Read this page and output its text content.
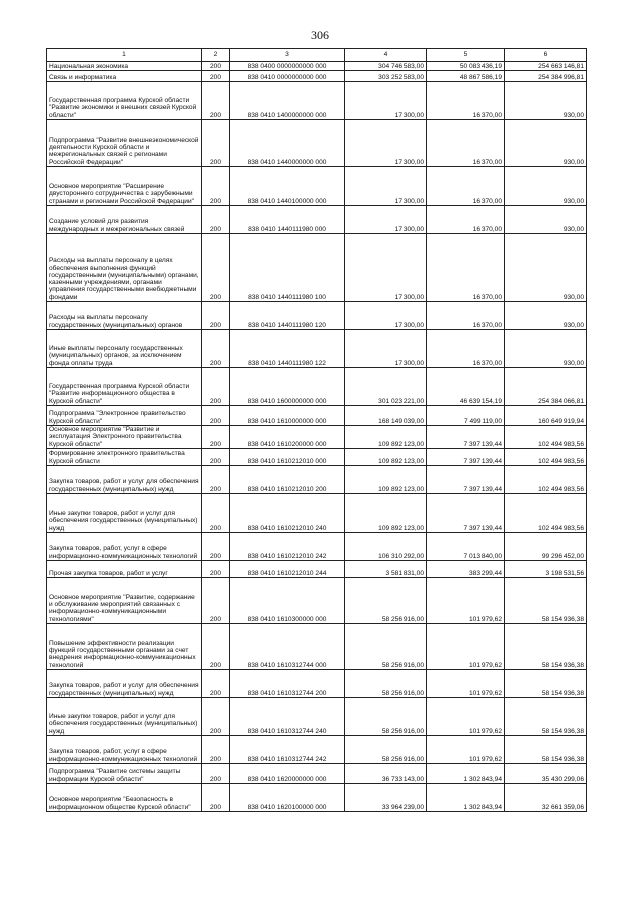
306
1	2	3	4	5	6
Национальная экономика	200	838 0400 0000000000 000	304 746 583,00	50 083 436,19	254 663 146,81
Связь и информатика	200	838 0410 0000000000 000	303 252 583,00	48 867 586,19	254 384 996,81
Государственная программа Курской области "Развитие экономики и внешних связей Курской области"	200	838 0410 1400000000 000	17 300,00	16 370,00	930,00
Подпрограмма "Развитие внешнеэкономической деятельности Курской области и межрегиональных связей с регионами Российской Федерации"	200	838 0410 1440000000 000	17 300,00	16 370,00	930,00
Основное мероприятие "Расширение двустороннего сотрудничества с зарубежными странами и регионами Российской Федерации"	200	838 0410 1440100000 000	17 300,00	16 370,00	930,00
Создание условий для развития международных и межрегиональных связей	200	838 0410 1440111980 000	17 300,00	16 370,00	930,00
Расходы на выплаты персоналу в целях обеспечения выполнения функций государственными (муниципальными) органами, казенными учреждениями, органами управления государственными внебюджетными фондами	200	838 0410 1440111980 100	17 300,00	16 370,00	930,00
Расходы на выплаты персоналу государственных (муниципальных) органов	200	838 0410 1440111980 120	17 300,00	16 370,00	930,00
Иные выплаты персоналу государственных (муниципальных) органов, за исключением фонда оплаты труда	200	838 0410 1440111980 122	17 300,00	16 370,00	930,00
Государственная программа Курской области "Развитие информационного общества в Курской области"	200	838 0410 1600000000 000	301 023 221,00	46 639 154,19	254 384 066,81
Подпрограмма "Электронное правительство Курской области"	200	838 0410 1610000000 000	168 149 039,00	7 499 119,00	160 649 919,94
Основное мероприятие "Развитие и эксплуатация Электронного правительства Курской области"	200	838 0410 1610200000 000	109 892 123,00	7 397 139,44	102 494 983,56
Формирование электронного правительства Курской области	200	838 0410 1610212010 000	109 892 123,00	7 397 139,44	102 494 983,56
Закупка товаров, работ и услуг для обеспечения государственных (муниципальных) нужд	200	838 0410 1610212010 200	109 892 123,00	7 397 139,44	102 494 983,56
Иные закупки товаров, работ и услуг для обеспечения государственных (муниципальных) нужд	200	838 0410 1610212010 240	109 892 123,00	7 397 139,44	102 494 983,56
Закупка товаров, работ, услуг в сфере информационно-коммуникационных технологий	200	838 0410 1610212010 242	106 310 292,00	7 013 840,00	99 296 452,00
Прочая закупка товаров, работ и услуг	200	838 0410 1610212010 244	3 581 831,00	383 299,44	3 198 531,56
Основное мероприятие "Развитие, содержание и обслуживание мероприятий связанных с информационно-коммуникационными технологиями"	200	838 0410 1610300000 000	58 256 916,00	101 979,62	58 154 936,38
Повышение эффективности реализации функций государственными органами за счет внедрения информационно-коммуникационных технологий	200	838 0410 1610312744 000	58 256 916,00	101 979,62	58 154 936,38
Закупка товаров, работ и услуг для обеспечения государственных (муниципальных) нужд	200	838 0410 1610312744 200	58 256 916,00	101 979,62	58 154 936,38
Иные закупки товаров, работ и услуг для обеспечения государственных (муниципальных) нужд	200	838 0410 1610312744 240	58 256 916,00	101 979,62	58 154 936,38
Закупка товаров, работ, услуг в сфере информационно-коммуникационных технологий	200	838 0410 1610312744 242	58 256 916,00	101 979,62	58 154 936,38
Подпрограмма "Развитие системы защиты информации Курской области"	200	838 0410 1620000000 000	36 733 143,00	1 302 843,94	35 430 299,06
Основное мероприятие "Безопасность в информационном обществе Курской области"	200	838 0410 1620100000 000	33 964 239,00	1 302 843,94	32 661 359,06
